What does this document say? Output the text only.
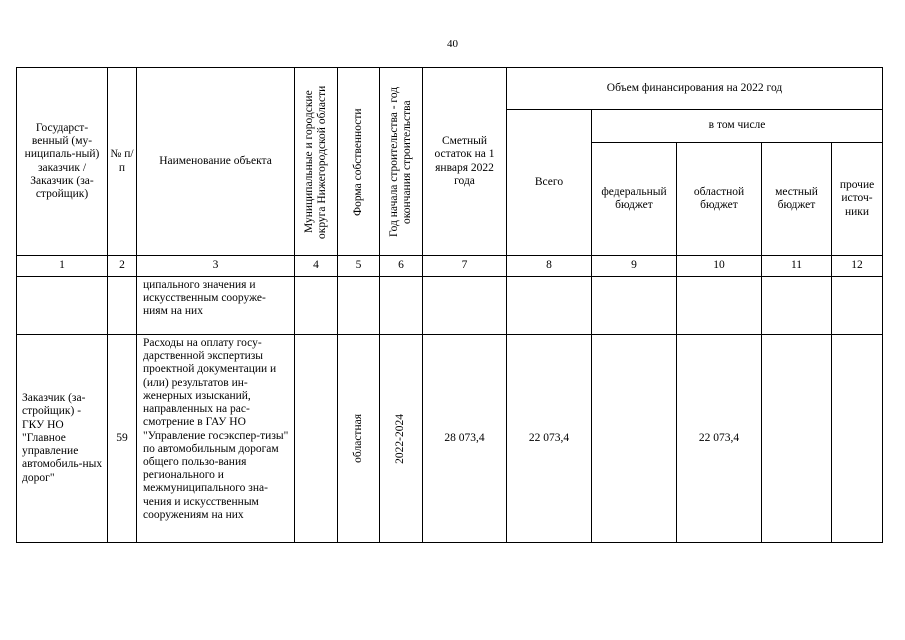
40
Государст-венный (му-ниципаль-ный) заказчик / Заказчик (за-стройщик)	№ п/п	Наименование объекта	Муниципальные и городские округа Нижегородской области	Форма собственности	Год начала строительства - год окончания строительства	Сметный остаток на 1 января 2022 года	Объем финансирования на 2022 год				
							Всего	в том числе			
								федеральный бюджет	областной бюджет	местный бюджет	прочие источ-ники
1	2	3	4	5	6	7	8	9	10	11	12
		ципального значения и искусственным сооруже-ниям на них									
Заказчик (за-стройщик) - ГКУ НО "Главное управление автомобиль-ных дорог"	59	Расходы на оплату госу-дарственной экспертизы проектной документации и (или) результатов ин-женерных изысканий, направленных на рас-смотрение в ГАУ НО "Управление госэкспер-тизы" по автомобильным дорогам общего пользо-вания регионального и межмуниципального зна-чения и искусственным сооружениям на них		областная	2022-2024	28 073,4	22 073,4		22 073,4		
